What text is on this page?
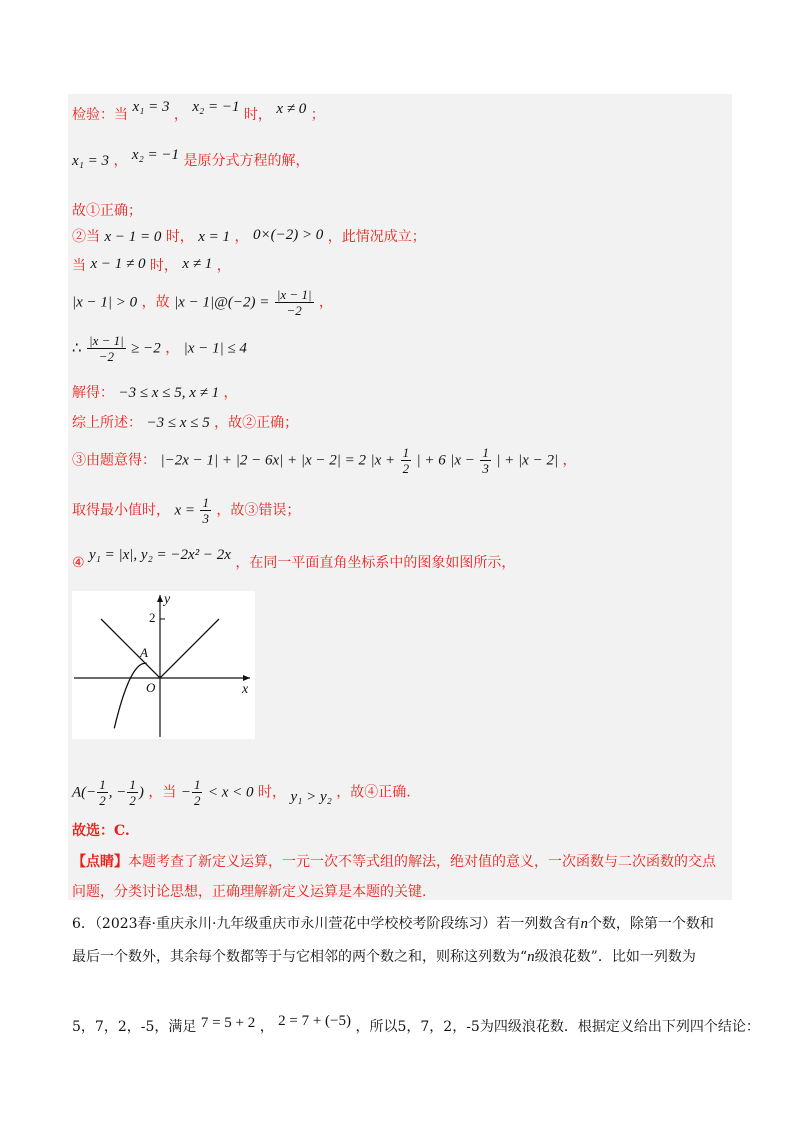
检验：当 x₁ = 3 ， x₂ = −1 时， x ≠ 0 ；
x₁ = 3 ， x₂ = −1 是原分式方程的解，
故①正确；
②当 x − 1 = 0 时， x = 1 ， 0×(−2) > 0 ，此情况成立；
当 x − 1 ≠ 0 时， x ≠ 1 ，
|x − 1| > 0 ，故 |x − 1|@(−2) = $\frac{|x - 1|}{-2}$ ，
∴ $\frac{|x - 1|}{-2} \ge -2$ ， |x − 1| ≤ 4
解得： −3 ≤ x ≤ 5, x ≠ 1 ，
综上所述： −3 ≤ x ≤ 5 ，故②正确；
③由题意得： |−2x − 1| + |2 − 6x| + |x − 2| = 2 $|x + \frac{1}{2}$ | + 6 $|x - \frac{1}{3}$ | + |x − 2| ，
取得最小值时， $x = \frac{1}{3}$ ，故③错误；
④ y₁ = |x|, y₂ = −2x² − 2x ，在同一平面直角坐标系中的图象如图所示，
2
y
x
A
O
$A(- \frac{1}{2}$ , − $\frac{1}{2}$ ) ，当 − $\frac{1}{2} < x < 0$ 时， y₁ > y₂ ，故④正确.
故选：C.
【点睛】本题考查了新定义运算，一元一次不等式组的解法，绝对值的意义，一次函数与二次函数的交点
问题，分类讨论思想，正确理解新定义运算是本题的关键.
6．（2023春·重庆永川·九年级重庆市永川萱花中学校校考阶段练习）若一列数含有n个数，除第一个数和
最后一个数外，其余每个数都等于与它相邻的两个数之和，则称这列数为“n级浪花数”．比如一列数为
5，7，2，-5，满足 7 = 5 + 2 ， 2 = 7 + (−5) ，所以5，7，2，-5为四级浪花数．根据定义给出下列四个结论：
